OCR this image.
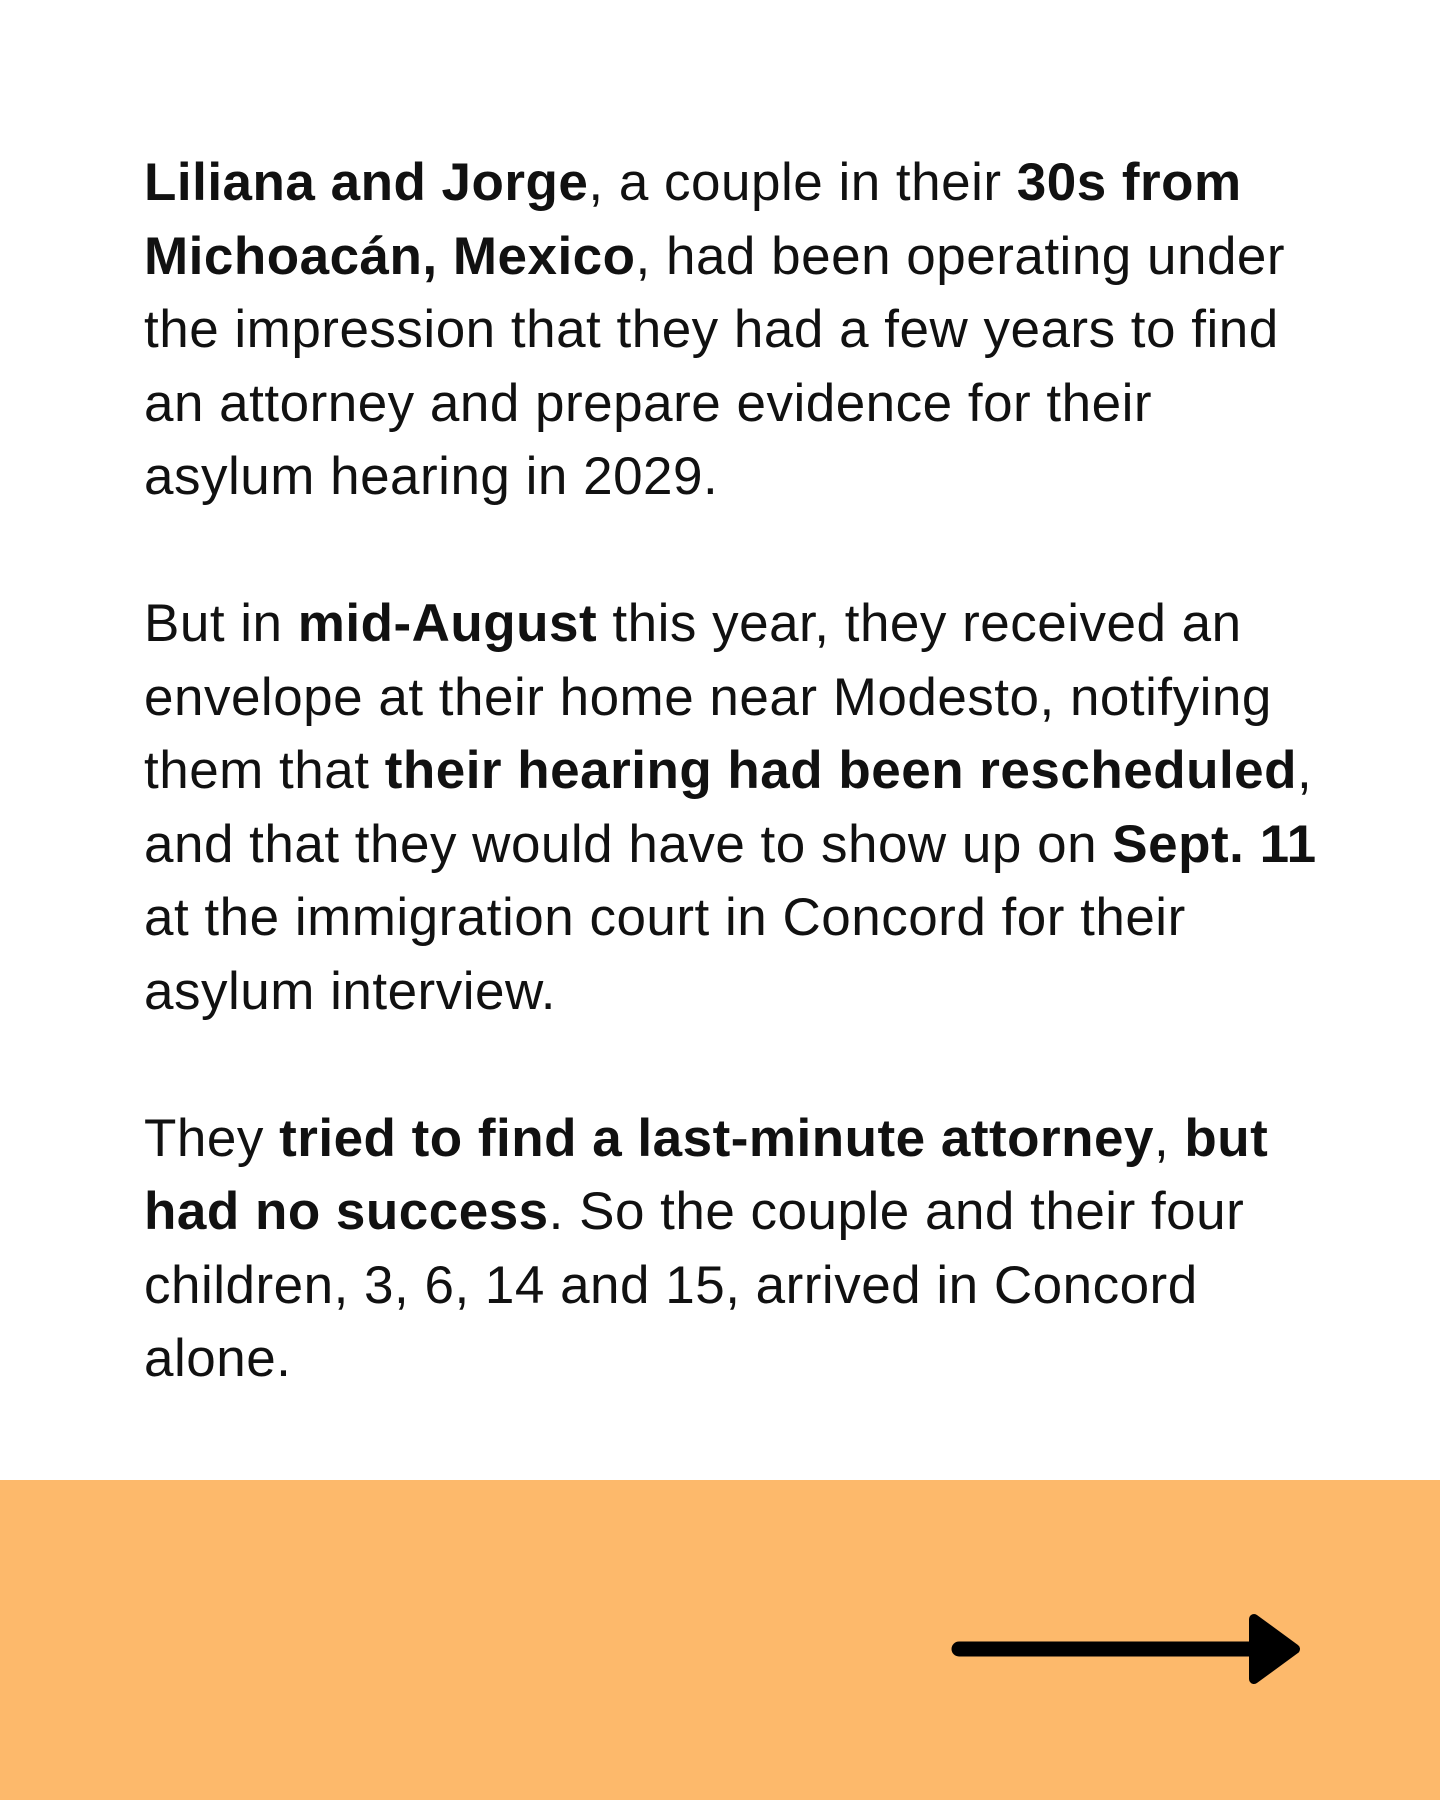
Liliana and Jorge, a couple in their 30s from Michoacán, Mexico, had been operating under the impression that they had a few years to find an attorney and prepare evidence for their asylum hearing in 2029.

But in mid-August this year, they received an envelope at their home near Modesto, notifying them that their hearing had been rescheduled, and that they would have to show up on Sept. 11 at the immigration court in Concord for their asylum interview.

They tried to find a last-minute attorney, but had no success. So the couple and their four children, 3, 6, 14 and 15, arrived in Concord alone.
